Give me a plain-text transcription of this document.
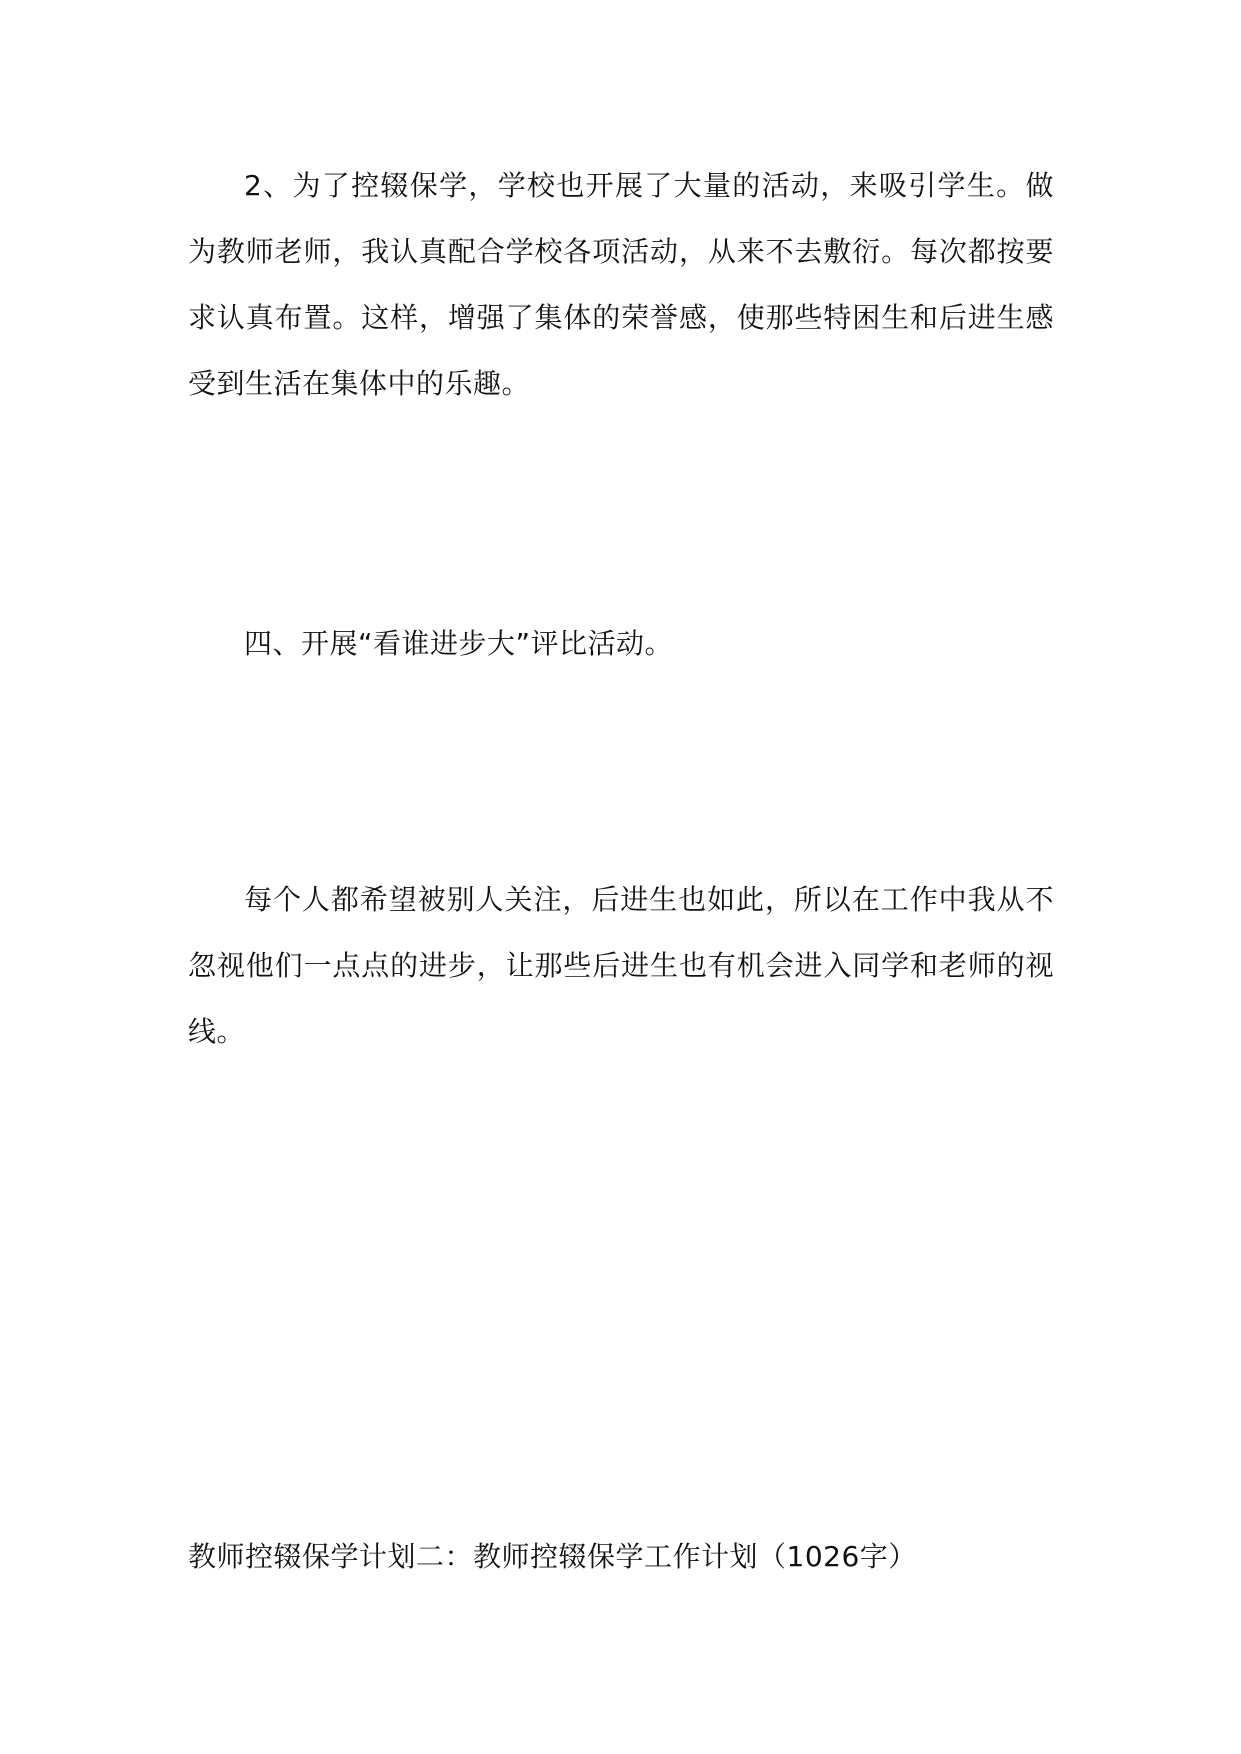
2、为了控辍保学，学校也开展了大量的活动，来吸引学生。做为教师老师，我认真配合学校各项活动，从来不去敷衍。每次都按要求认真布置。这样，增强了集体的荣誉感，使那些特困生和后进生感受到生活在集体中的乐趣。

四、开展“看谁进步大”评比活动。

每个人都希望被别人关注，后进生也如此，所以在工作中我从不忽视他们一点点的进步，让那些后进生也有机会进入同学和老师的视线。

教师控辍保学计划二：教师控辍保学工作计划（1026字）
